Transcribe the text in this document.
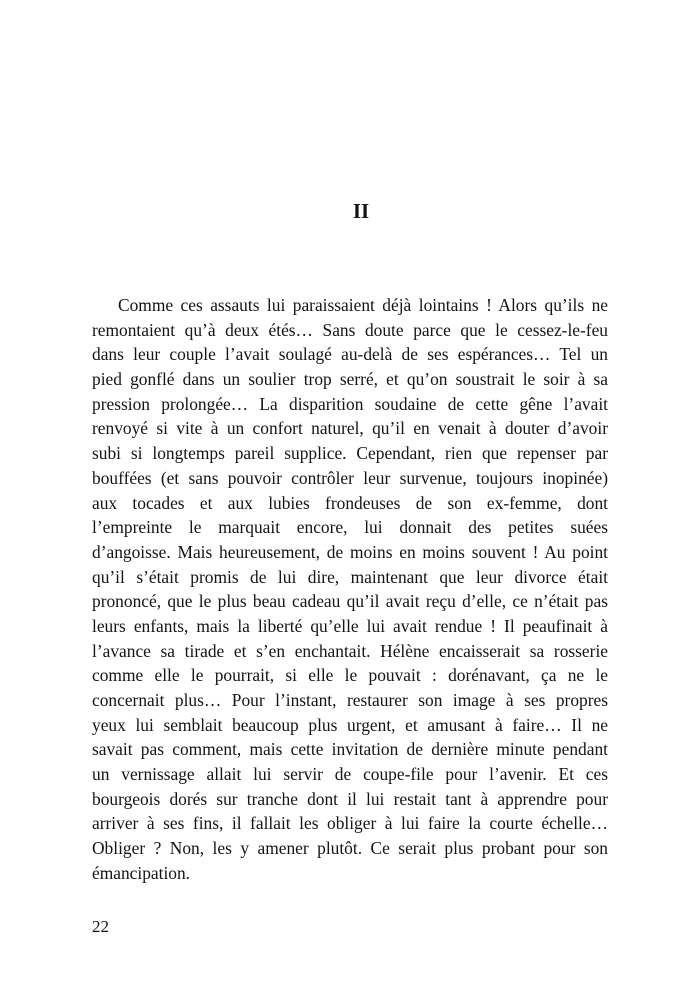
II
Comme ces assauts lui paraissaient déjà lointains ! Alors qu’ils ne
remontaient qu’à deux étés… Sans doute parce que le cessez-le-feu
dans leur couple l’avait soulagé au-delà de ses espérances… Tel un
pied gonflé dans un soulier trop serré, et qu’on soustrait le soir à sa
pression prolongée… La disparition soudaine de cette gêne l’avait
renvoyé si vite à un confort naturel, qu’il en venait à douter d’avoir
subi si longtemps pareil supplice. Cependant, rien que repenser par
bouffées (et sans pouvoir contrôler leur survenue, toujours inopinée)
aux tocades et aux lubies frondeuses de son ex-femme, dont
l’empreinte le marquait encore, lui donnait des petites suées
d’angoisse. Mais heureusement, de moins en moins souvent ! Au point
qu’il s’était promis de lui dire, maintenant que leur divorce était
prononcé, que le plus beau cadeau qu’il avait reçu d’elle, ce n’était pas
leurs enfants, mais la liberté qu’elle lui avait rendue ! Il peaufinait à
l’avance sa tirade et s’en enchantait. Hélène encaisserait sa rosserie
comme elle le pourrait, si elle le pouvait : dorénavant, ça ne le
concernait plus… Pour l’instant, restaurer son image à ses propres
yeux lui semblait beaucoup plus urgent, et amusant à faire… Il ne
savait pas comment, mais cette invitation de dernière minute pendant
un vernissage allait lui servir de coupe-file pour l’avenir. Et ces
bourgeois dorés sur tranche dont il lui restait tant à apprendre pour
arriver à ses fins, il fallait les obliger à lui faire la courte échelle…
Obliger ? Non, les y amener plutôt. Ce serait plus probant pour son
émancipation.

22
